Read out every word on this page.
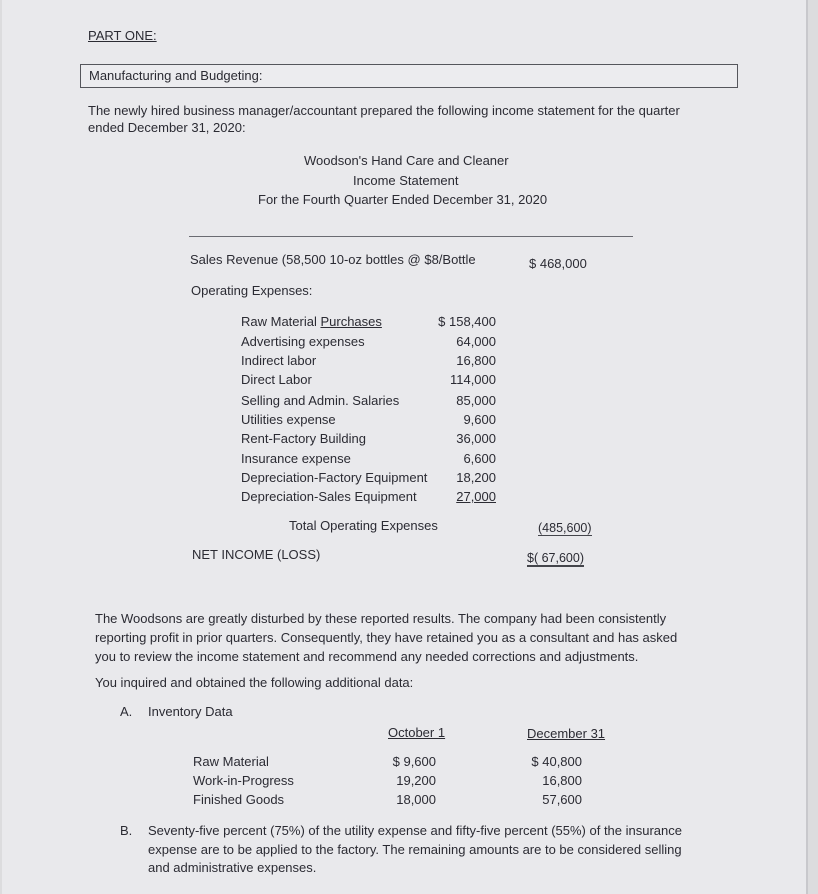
PART ONE:
Manufacturing and Budgeting:
The newly hired business manager/accountant prepared the following income statement for the quarter
ended December 31, 2020:
Woodson's Hand Care and Cleaner
Income Statement
For the Fourth Quarter Ended December 31, 2020
Sales Revenue (58,500 10-oz bottles @ $8/Bottle	$ 468,000
Operating Expenses:
Raw Material Purchases	$ 158,400
Advertising expenses	64,000
Indirect labor	16,800
Direct Labor	114,000
Selling and Admin. Salaries	85,000
Utilities expense	9,600
Rent-Factory Building	36,000
Insurance expense	6,600
Depreciation-Factory Equipment	18,200
Depreciation-Sales Equipment	27,000
Total Operating Expenses	(485,600)
NET INCOME (LOSS)	$( 67,600)
The Woodsons are greatly disturbed by these reported results. The company had been consistently
reporting profit in prior quarters. Consequently, they have retained you as a consultant and has asked
you to review the income statement and recommend any needed corrections and adjustments.
You inquired and obtained the following additional data:
A. Inventory Data
October 1	December 31
Raw Material	$ 9,600	$ 40,800
Work-in-Progress	19,200	16,800
Finished Goods	18,000	57,600
B. Seventy-five percent (75%) of the utility expense and fifty-five percent (55%) of the insurance
expense are to be applied to the factory. The remaining amounts are to be considered selling
and administrative expenses.
